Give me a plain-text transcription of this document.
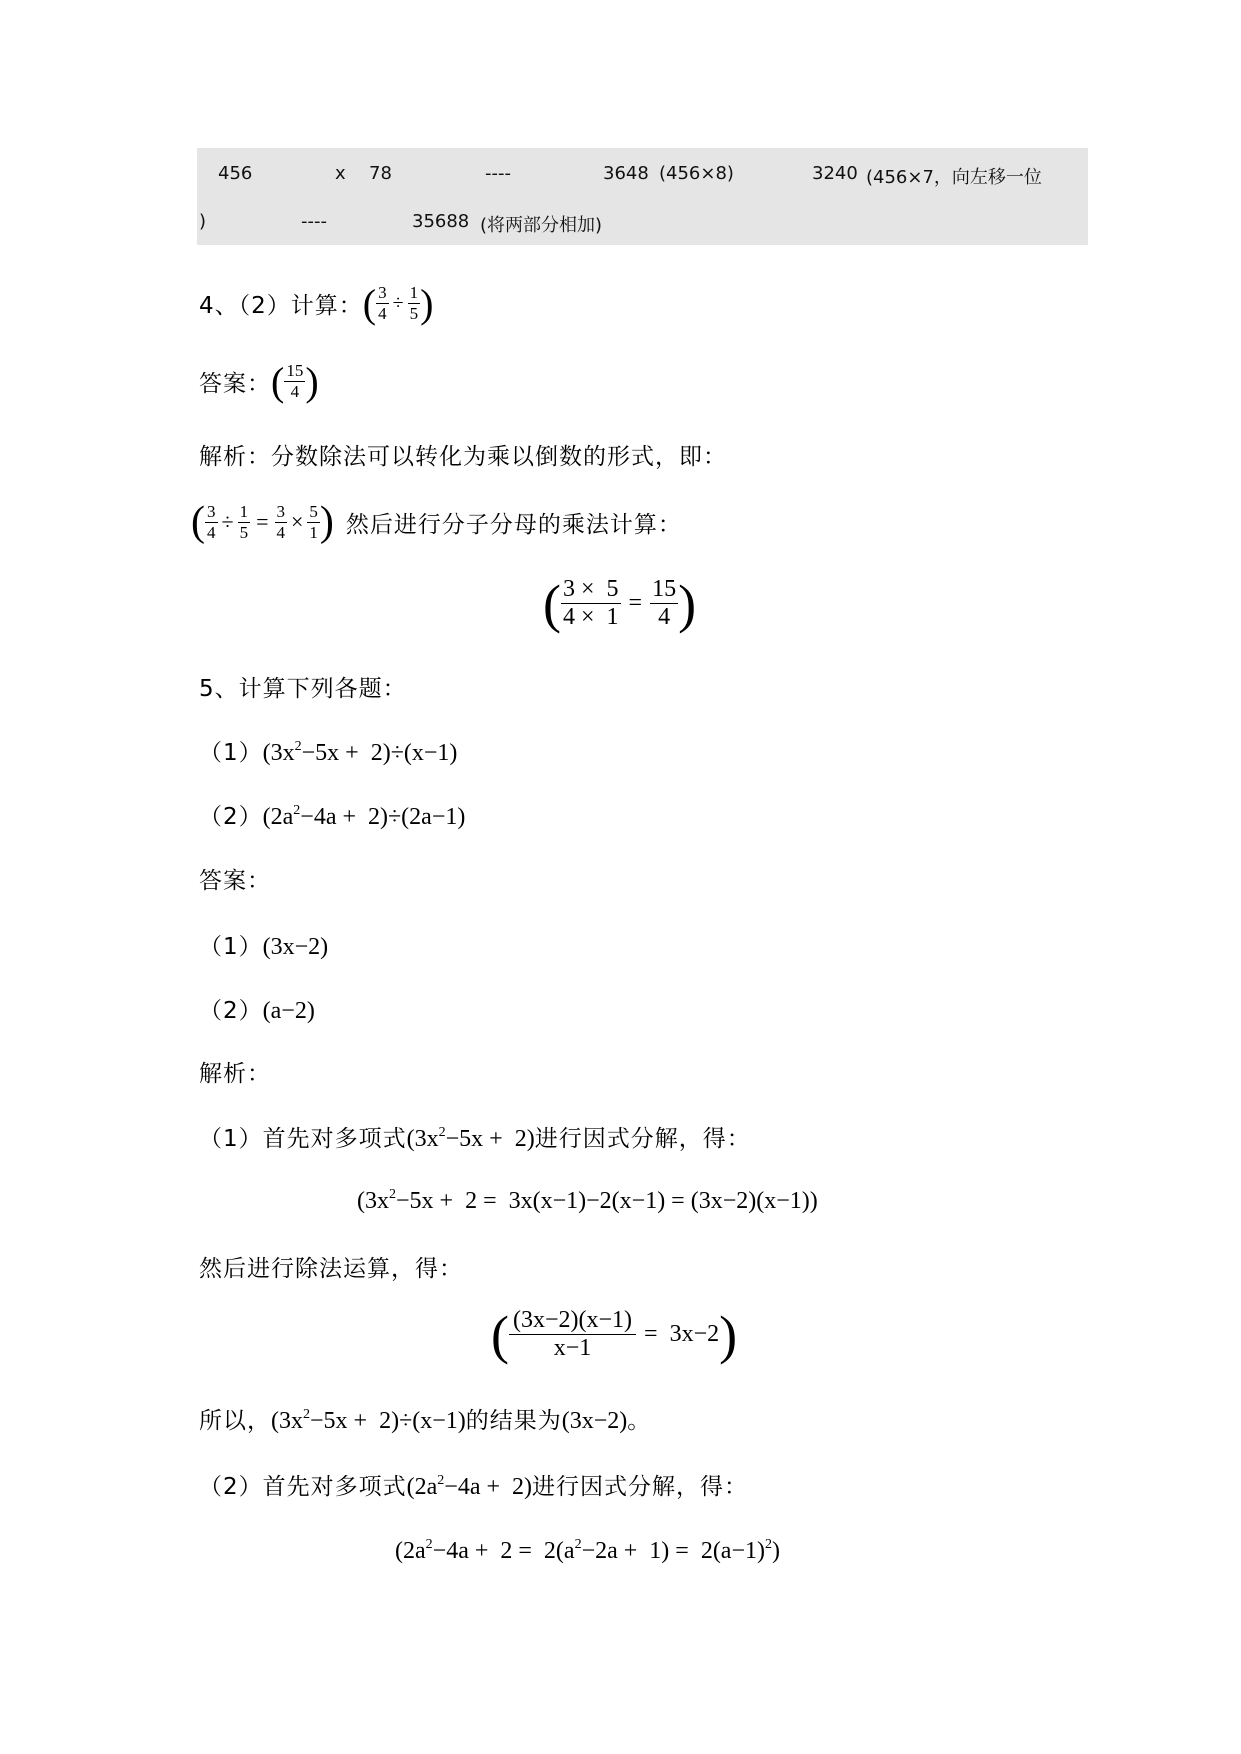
456	x 78	----	3648 (456×8)	3240 (456×7，向左移一位
)	----	35688 (将两部分相加)
4、（2）计算： ( $\frac{3}{4} \div \frac{1}{5}$ )
答案： ( $\frac{15}{4}$ )
解析：分数除法可以转化为乘以倒数的形式，即：
( $\frac{3}{4} \div \frac{1}{5} = \frac{3}{4} \times \frac{5}{1}$ ) 然后进行分子分母的乘法计算：
( $\frac{3 \times 5}{4 \times 1} = \frac{15}{4}$ )
5、计算下列各题：
$(1)(3x^2-5x + 2)\div(x-1)$
$(2)(2a^2-4a + 2)\div(2a-1)$
答案：
（1）(3x−2)
（2）(a−2)
解析：
（1）首先对多项式$(3x^2-5x + 2)$进行因式分解，得：
$(3x^2-5x + 2 = 3x(x-1)-2(x-1) = (3x-2)(x-1))$
然后进行除法运算，得：
( $\frac{(3x-2)(x-1)}{x-1} = 3x-2$ )
所以，$(3x^2-5x + 2)\div(x-1)$的结果为(3x−2)。
（2）首先对多项式$(2a^2-4a + 2)$进行因式分解，得：
$(2a^2-4a + 2 = 2(a^2-2a + 1) = 2(a-1)^2)$
